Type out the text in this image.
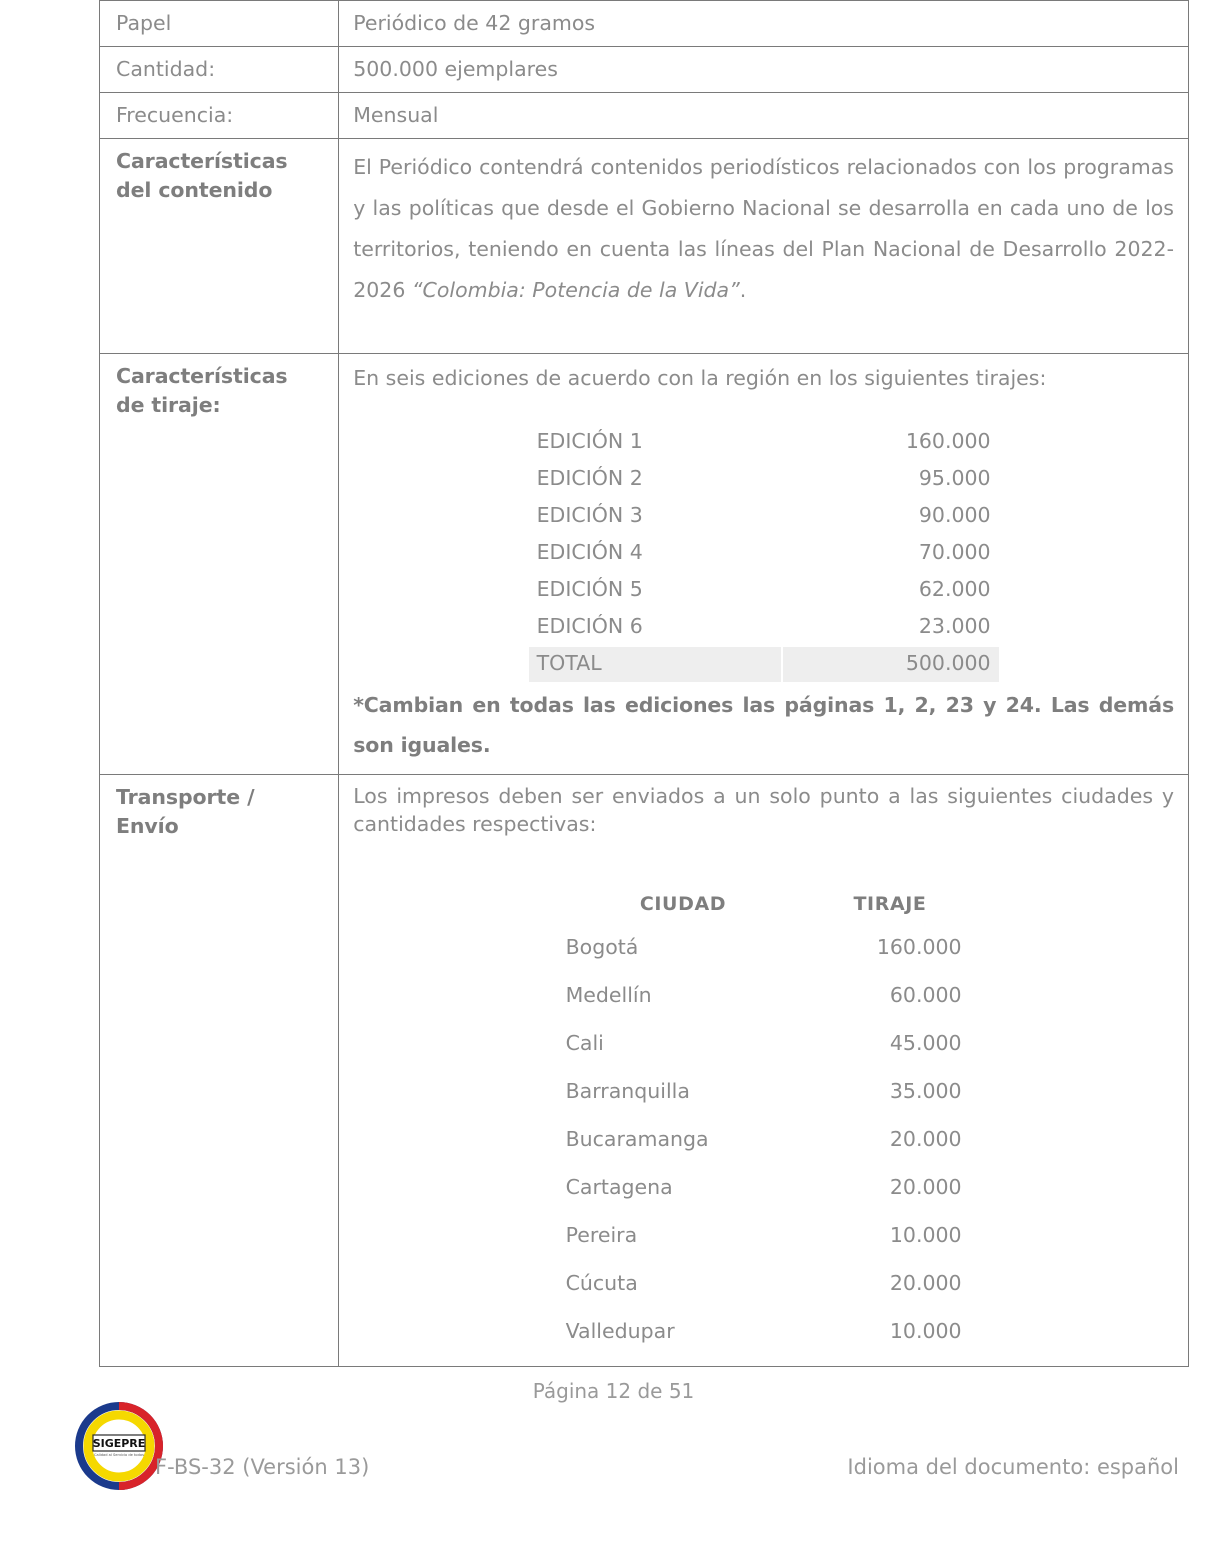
Papel	Periódico de 42 gramos

Cantidad:	500.000 ejemplares

Frecuencia:	Mensual

Características
del contenido

El Periódico contendrá contenidos periodísticos relacionados con los programas y las políticas que desde el Gobierno Nacional se desarrolla en cada uno de los territorios, teniendo en cuenta las líneas del Plan Nacional de Desarrollo 2022-2026 “Colombia: Potencia de la Vida”.

Características
de tiraje:

En seis ediciones de acuerdo con la región en los siguientes tirajes:

EDICIÓN 1	160.000
EDICIÓN 2	95.000
EDICIÓN 3	90.000
EDICIÓN 4	70.000
EDICIÓN 5	62.000
EDICIÓN 6	23.000
TOTAL	500.000

*Cambian en todas las ediciones las páginas 1, 2, 23 y 24. Las demás son iguales.

Transporte /
Envío

Los impresos deben ser enviados a un solo punto a las siguientes ciudades y cantidades respectivas:

CIUDAD	TIRAJE
Bogotá	160.000
Medellín	60.000
Cali	45.000
Barranquilla	35.000
Bucaramanga	20.000
Cartagena	20.000
Pereira	10.000
Cúcuta	20.000
Valledupar	10.000
Página 12 de 51
SIGEPRE
Calidad al Servicio de todos F-BS-32 (Versión 13)	Idioma del documento: español
